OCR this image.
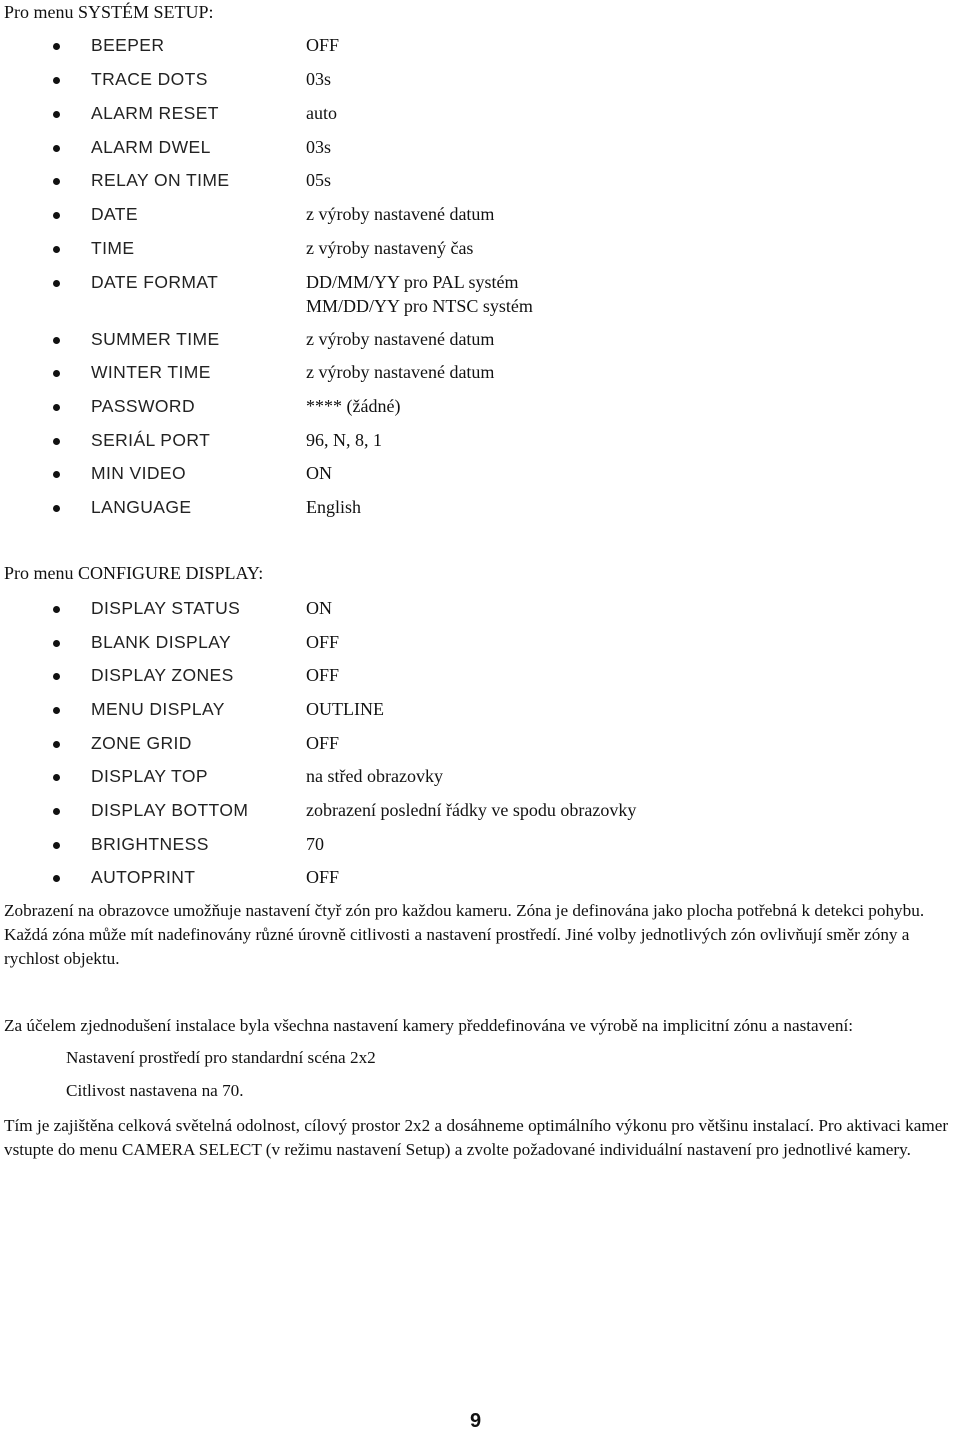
Pro menu SYSTÉM SETUP:
BEEPER	OFF
TRACE DOTS	03s
ALARM RESET	auto
ALARM DWEL	03s
RELAY ON TIME	05s
DATE	z výroby nastavené datum
TIME	z výroby nastavený čas
DATE FORMAT	DD/MM/YY pro PAL systém
MM/DD/YY pro NTSC systém
SUMMER TIME	z výroby nastavené datum
WINTER TIME	z výroby nastavené datum
PASSWORD	**** (žádné)
SERIÁL PORT	96, N, 8, 1
MIN VIDEO	ON
LANGUAGE	English
Pro menu CONFIGURE DISPLAY:
DISPLAY STATUS	ON
BLANK DISPLAY	OFF
DISPLAY ZONES	OFF
MENU DISPLAY	OUTLINE
ZONE GRID	OFF
DISPLAY TOP	na střed obrazovky
DISPLAY BOTTOM	zobrazení poslední řádky ve spodu obrazovky
BRIGHTNESS	70
AUTOPRINT	OFF

Zobrazení na obrazovce umožňuje nastavení čtyř zón pro každou kameru. Zóna je definována jako plocha potřebná k detekci pohybu. Každá zóna může mít nadefinovány různé úrovně citlivosti a nastavení prostředí. Jiné volby jednotlivých zón ovlivňují směr zóny a rychlost objektu.

Za účelem zjednodušení instalace byla všechna nastavení kamery předdefinována ve výrobě na implicitní zónu a nastavení:

Nastavení prostředí pro standardní scéna 2x2

Citlivost nastavena na 70.

Tím je zajištěna celková světelná odolnost, cílový prostor 2x2 a dosáhneme optimálního výkonu pro většinu instalací. Pro aktivaci kamer vstupte do menu CAMERA SELECT (v režimu nastavení Setup) a zvolte požadované individuální nastavení pro jednotlivé kamery.

9
